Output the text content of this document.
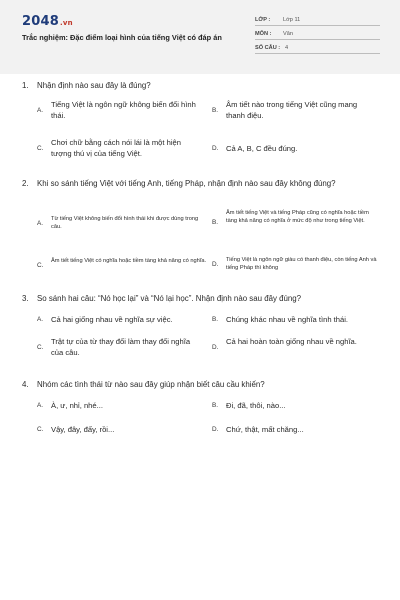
2048.vn
Trắc nghiệm: Đặc điểm loại hình của tiếng Việt có đáp án
LỚP : Lớp 11
MÔN : Văn
SỐ CÂU : 4
1. Nhận định nào sau đây là đúng?
A.
Tiếng Việt là ngôn ngữ không biến đổi hình thái.
B.
Âm tiết nào trong tiếng Việt cũng mang thanh điệu.
C.
Chơi chữ bằng cách nói lái là một hiện tượng thú vị của tiếng Việt.
D. Cả A, B, C đều đúng.
2. Khi so sánh tiếng Việt với tiếng Anh, tiếng Pháp, nhận định nào sau đây không đúng?
A.
Từ tiếng Việt không biến đổi hình thái khi được dùng trong câu.
B.
Âm tiết tiếng Việt và tiếng Pháp cũng có nghĩa hoặc tiềm tàng khả năng có nghĩa ở mức độ như trong tiếng Việt.
C.
Âm tiết tiếng Việt có nghĩa hoặc tiềm tàng khả năng có nghĩa. D.
Tiếng Việt là ngôn ngữ giàu có thanh điệu, còn tiếng Anh và tiếng Pháp thì không
3. So sánh hai câu: “Nó học lại” và “Nó lại học”. Nhận định nào sau đây đúng?
A. Cả hai giống nhau về nghĩa sự việc.	B. Chúng khác nhau về nghĩa tình thái.
C.
Trật tự của từ thay đổi làm thay đổi nghĩa của câu.
D.
Cả hai hoàn toàn giống nhau về nghĩa.
4. Nhóm các tình thái từ nào sau đây giúp nhận biết câu cầu khiến?
A. À, ư, nhỉ, nhé...	B. Đi, đã, thôi, nào...
C. Vậy, đây, đấy, rồi...	D. Chứ, thật, mất chăng...
